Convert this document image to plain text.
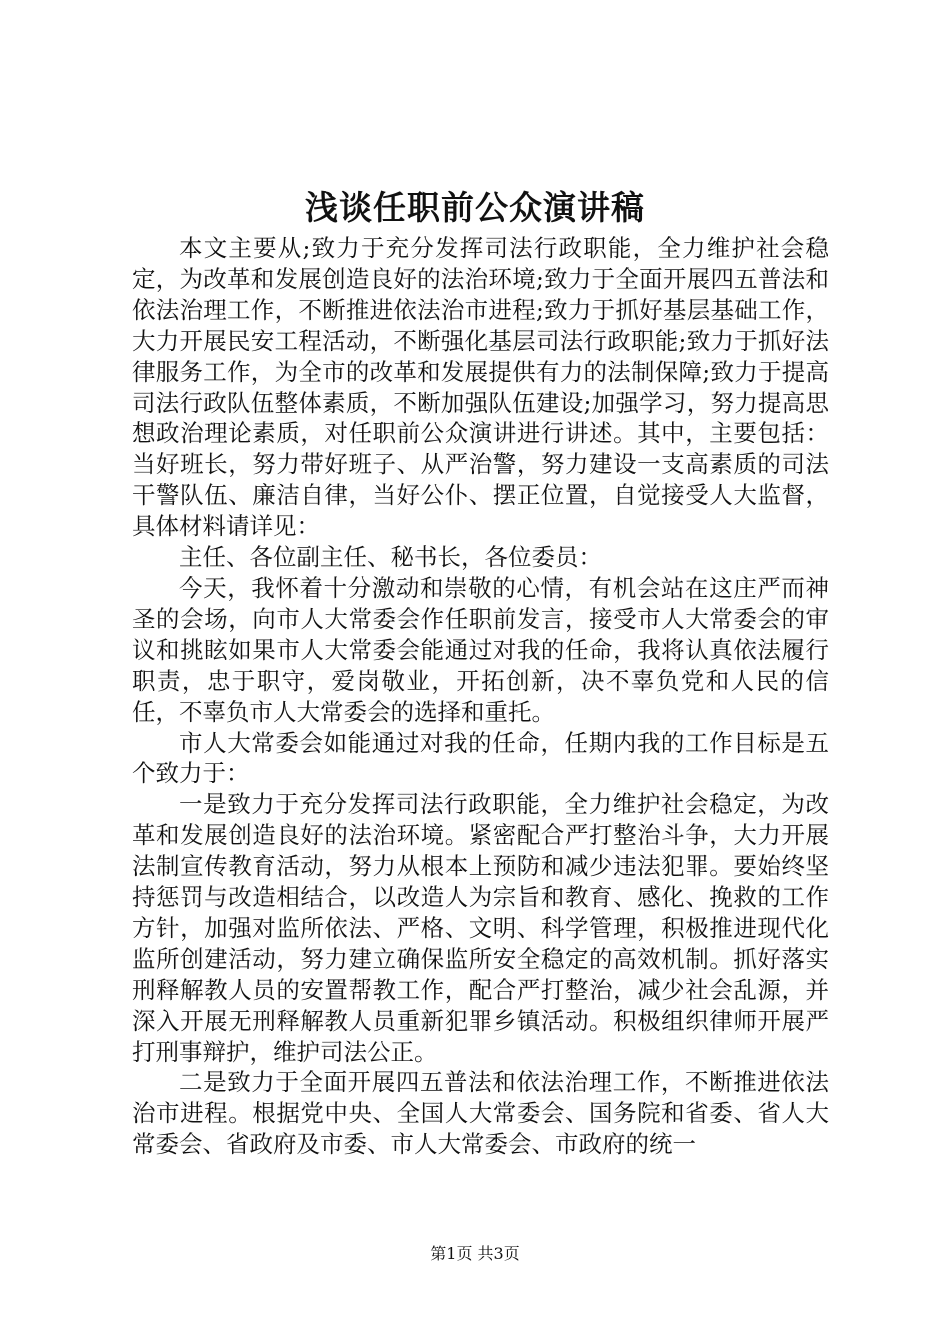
浅谈任职前公众演讲稿

本文主要从;致力于充分发挥司法行政职能，全力维护社会稳定，为改革和发展创造良好的法治环境;致力于全面开展四五普法和依法治理工作，不断推进依法治市进程;致力于抓好基层基础工作，大力开展民安工程活动，不断强化基层司法行政职能;致力于抓好法律服务工作，为全市的改革和发展提供有力的法制保障;致力于提高司法行政队伍整体素质，不断加强队伍建设;加强学习，努力提高思想政治理论素质，对任职前公众演讲进行讲述。其中，主要包括：当好班长，努力带好班子、从严治警，努力建设一支高素质的司法干警队伍、廉洁自律，当好公仆、摆正位置，自觉接受人大监督，具体材料请详见：

主任、各位副主任、秘书长，各位委员：

今天，我怀着十分激动和崇敬的心情，有机会站在这庄严而神圣的会场，向市人大常委会作任职前发言，接受市人大常委会的审议和挑眩如果市人大常委会能通过对我的任命，我将认真依法履行职责，忠于职守，爱岗敬业，开拓创新，决不辜负党和人民的信任，不辜负市人大常委会的选择和重托。

市人大常委会如能通过对我的任命，任期内我的工作目标是五个致力于：

一是致力于充分发挥司法行政职能，全力维护社会稳定，为改革和发展创造良好的法治环境。紧密配合严打整治斗争，大力开展法制宣传教育活动，努力从根本上预防和减少违法犯罪。要始终坚持惩罚与改造相结合，以改造人为宗旨和教育、感化、挽救的工作方针，加强对监所依法、严格、文明、科学管理，积极推进现代化监所创建活动，努力建立确保监所安全稳定的高效机制。抓好落实刑释解教人员的安置帮教工作，配合严打整治，减少社会乱源，并深入开展无刑释解教人员重新犯罪乡镇活动。积极组织律师开展严打刑事辩护，维护司法公正。

二是致力于全面开展四五普法和依法治理工作，不断推进依法治市进程。根据党中央、全国人大常委会、国务院和省委、省人大常委会、省政府及市委、市人大常委会、市政府的统一

第1页 共3页
